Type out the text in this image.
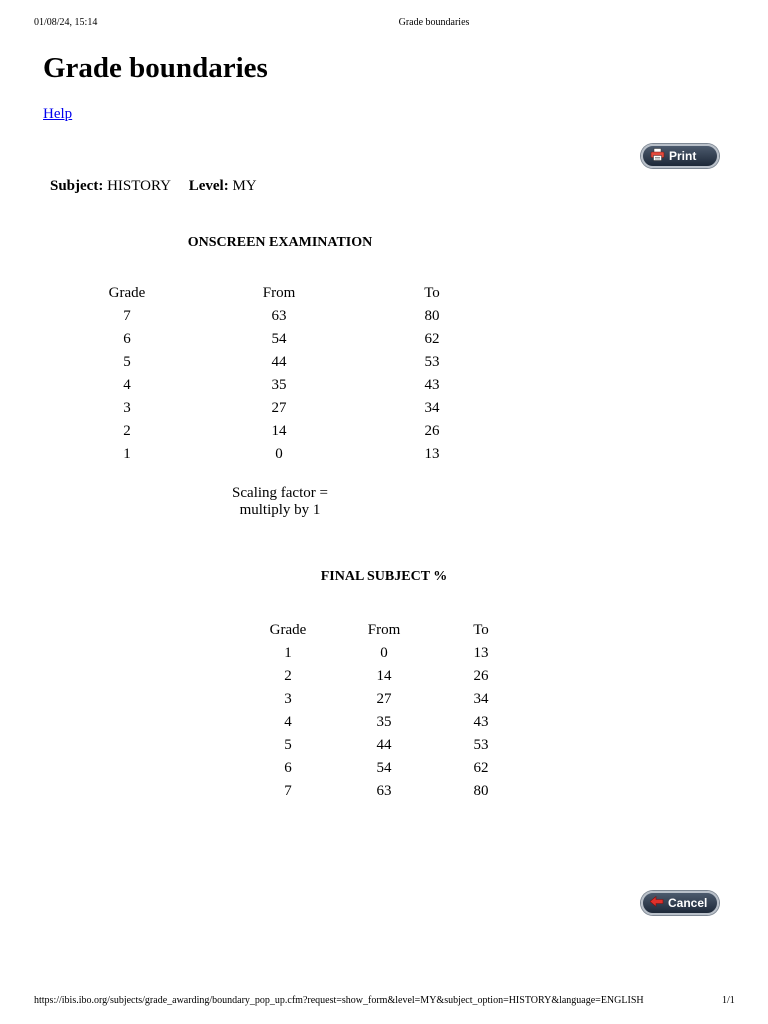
01/08/24, 15:14	Grade boundaries
Grade boundaries
Help
Print
Subject: HISTORY Level: MY
ONSCREEN EXAMINATION
Grade	From	To
7	63	80
6	54	62
5	44	53
4	35	43
3	27	34
2	14	26
1	0	13
Scaling factor =
multiply by 1
FINAL SUBJECT %
Grade	From	To
1	0	13
2	14	26
3	27	34
4	35	43
5	44	53
6	54	62
7	63	80
Cancel
https://ibis.ibo.org/subjects/grade_awarding/boundary_pop_up.cfm?request=show_form&level=MY&subject_option=HISTORY&language=ENGLISH	1/1
